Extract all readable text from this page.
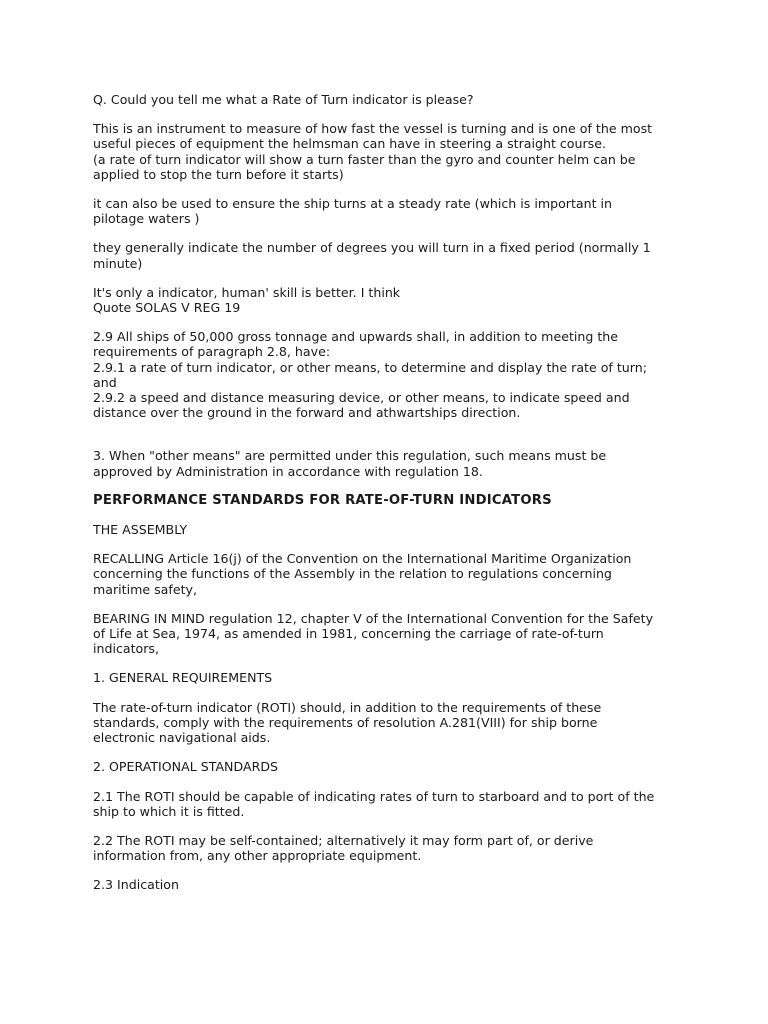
Q. Could you tell me what a Rate of Turn indicator is please?

This is an instrument to measure of how fast the vessel is turning and is one of the most
useful pieces of equipment the helmsman can have in steering a straight course.
(a rate of turn indicator will show a turn faster than the gyro and counter helm can be
applied to stop the turn before it starts)

it can also be used to ensure the ship turns at a steady rate (which is important in
pilotage waters )

they generally indicate the number of degrees you will turn in a fixed period (normally 1
minute)

It's only a indicator, human' skill is better. I think
Quote SOLAS V REG 19

2.9 All ships of 50,000 gross tonnage and upwards shall, in addition to meeting the
requirements of paragraph 2.8, have:
2.9.1 a rate of turn indicator, or other means, to determine and display the rate of turn;
and
2.9.2 a speed and distance measuring device, or other means, to indicate speed and
distance over the ground in the forward and athwartships direction.

3. When "other means" are permitted under this regulation, such means must be
approved by Administration in accordance with regulation 18.

PERFORMANCE STANDARDS FOR RATE-OF-TURN INDICATORS

THE ASSEMBLY

RECALLING Article 16(j) of the Convention on the International Maritime Organization
concerning the functions of the Assembly in the relation to regulations concerning
maritime safety,

BEARING IN MIND regulation 12, chapter V of the International Convention for the Safety
of Life at Sea, 1974, as amended in 1981, concerning the carriage of rate-of-turn
indicators,

1. GENERAL REQUIREMENTS

The rate-of-turn indicator (ROTI) should, in addition to the requirements of these
standards, comply with the requirements of resolution A.281(VIII) for ship borne
electronic navigational aids.

2. OPERATIONAL STANDARDS

2.1 The ROTI should be capable of indicating rates of turn to starboard and to port of the
ship to which it is fitted.

2.2 The ROTI may be self-contained; alternatively it may form part of, or derive
information from, any other appropriate equipment.

2.3 Indication
